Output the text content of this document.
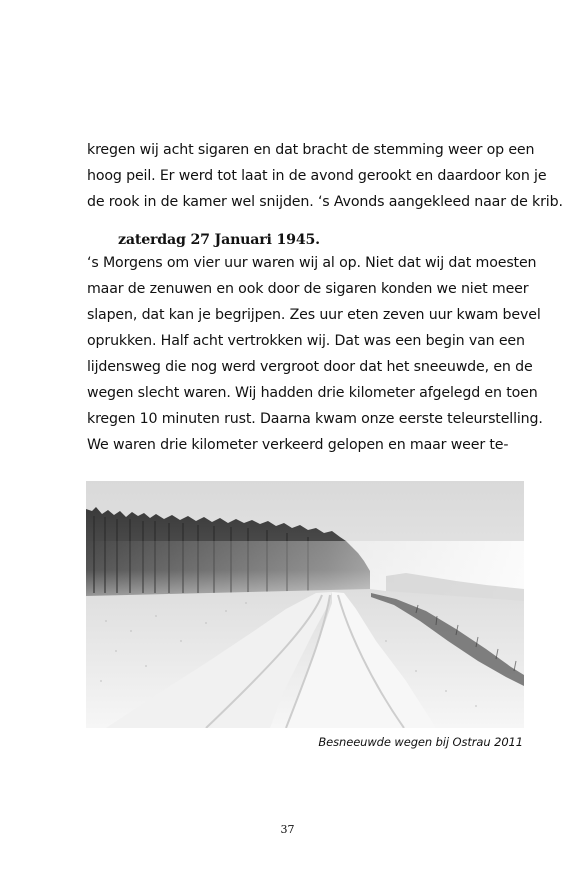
kregen wij acht sigaren en dat bracht de stemming weer op een

hoog peil. Er werd tot laat in de avond gerookt en daardoor kon je

de rook in de kamer wel snijden. ‘s Avonds aangekleed naar de krib.

zaterdag 27 Januari 1945.

‘s Morgens om vier uur waren wij al op. Niet dat wij dat moesten

maar de zenuwen en ook door de sigaren konden we niet meer

slapen, dat kan je begrijpen. Zes uur eten zeven uur kwam bevel

oprukken. Half acht vertrokken wij. Dat was een begin van een

lijdensweg die nog werd vergroot door dat het sneeuwde, en de

wegen slecht waren. Wij hadden drie kilometer afgelegd en toen

kregen 10 minuten rust. Daarna kwam onze eerste teleurstelling.

We waren drie kilometer verkeerd gelopen en maar weer te-

Besneeuwde wegen bij Ostrau 2011
37
